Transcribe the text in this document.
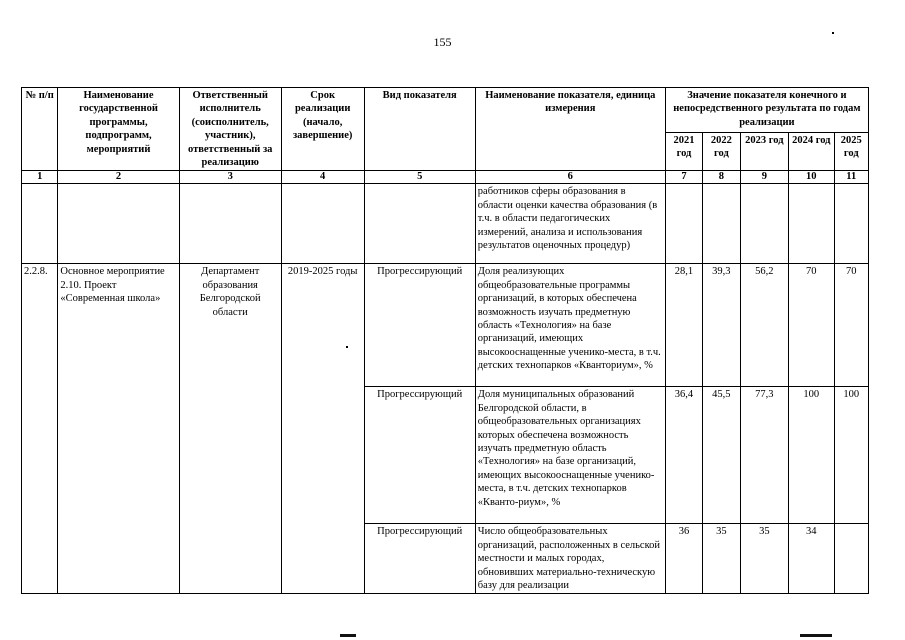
155
№ п/п	Наименование государственной программы, подпрограмм, мероприятий	Ответственный исполнитель (соисполнитель, участник), ответственный за реализацию	Срок реализации (начало, завершение)	Вид показателя	Наименование показателя, единица измерения	Значение показателя конечного и непосредственного результата по годам реализации				
						2021 год	2022 год	2023 год	2024 год	2025 год
1	2	3	4	5	6	7	8	9	10	11
					работников сферы образования в области оценки качества образования (в т.ч. в области педагогических измерений, анализа и использования результатов оценочных процедур)					
2.2.8.	Основное мероприятие 2.10. Проект «Современная школа»	Департамент образования Белгородской области	2019-2025 годы	Прогрессирующий	Доля реализующих общеобразовательные программы организаций, в которых обеспечена возможность изучать предметную область «Технология» на базе организаций, имеющих высокооснащенные ученико-места, в т.ч. детских технопарков «Кванториум», %	28,1	39,3	56,2	70	70
				Прогрессирующий	Доля муниципальных образований Белгородской области, в общеобразовательных организациях которых обеспечена возможность изучать предметную область «Технология» на базе организаций, имеющих высокооснащенные ученико-места, в т.ч. детских технопарков «Кванто-риум», %	36,4	45,5	77,3	100	100
				Прогрессирующий	Число общеобразовательных организаций, расположенных в сельской местности и малых городах, обновивших материально-техническую базу для реализации	36	35	35	34	
